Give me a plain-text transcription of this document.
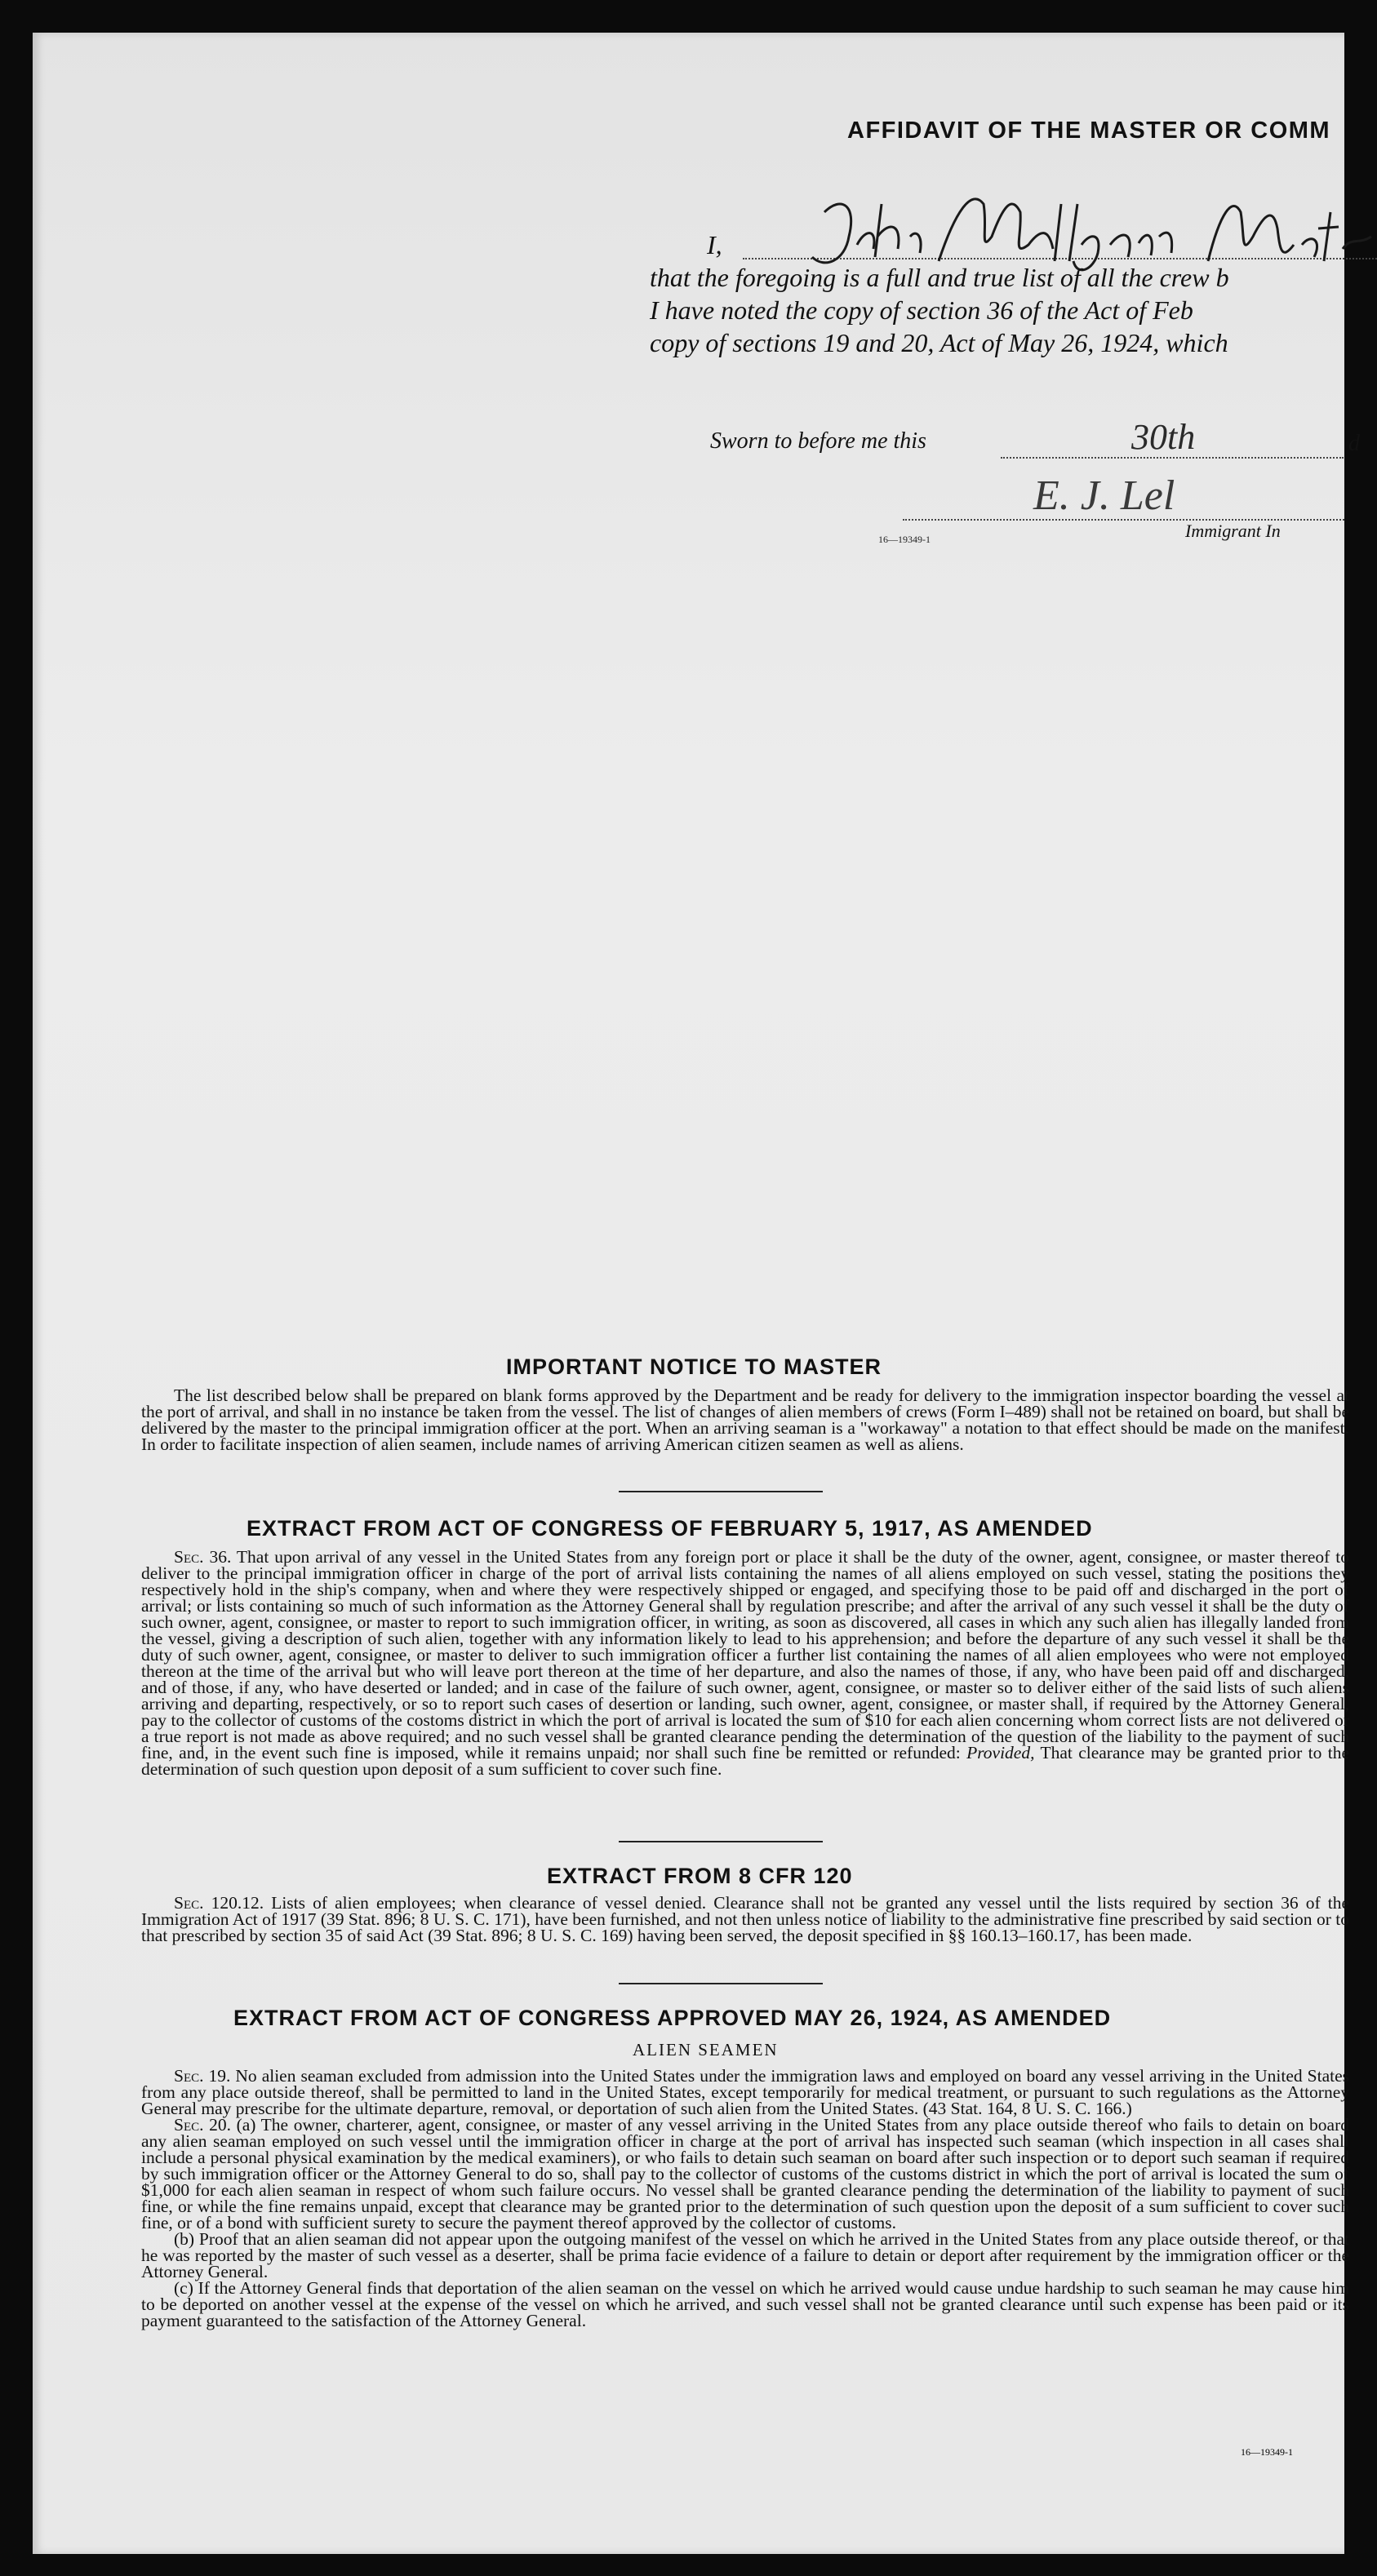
AFFIDAVIT OF THE MASTER OR COMM
I,
that the foregoing is a full and true list of all the crew b
I have noted the copy of section 36 of the Act of Feb
copy of sections 19 and 20, Act of May 26, 1924, which
Sworn to before me this	30th	d
E. J. Lel
16—19349-1	Immigrant In
IMPORTANT NOTICE TO MASTER

The list described below shall be prepared on blank forms approved by the Department and be ready for delivery to the immigration inspector boarding the vessel at the port of arrival, and shall in no instance be taken from the vessel. The list of changes of alien members of crews (Form I–489) shall not be retained on board, but shall be delivered by the master to the principal immigration officer at the port. When an arriving seaman is a "workaway" a notation to that effect should be made on the manifest. In order to facilitate inspection of alien seamen, include names of arriving American citizen seamen as well as aliens.

EXTRACT FROM ACT OF CONGRESS OF FEBRUARY 5, 1917, AS AMENDED

Sec. 36. That upon arrival of any vessel in the United States from any foreign port or place it shall be the duty of the owner, agent, consignee, or master thereof to deliver to the principal immigration officer in charge of the port of arrival lists containing the names of all aliens employed on such vessel, stating the positions they respectively hold in the ship's company, when and where they were respectively shipped or engaged, and specifying those to be paid off and discharged in the port of arrival; or lists containing so much of such information as the Attorney General shall by regulation prescribe; and after the arrival of any such vessel it shall be the duty of such owner, agent, consignee, or master to report to such immigration officer, in writing, as soon as discovered, all cases in which any such alien has illegally landed from the vessel, giving a description of such alien, together with any information likely to lead to his apprehension; and before the departure of any such vessel it shall be the duty of such owner, agent, consignee, or master to deliver to such immigration officer a further list containing the names of all alien employees who were not employed thereon at the time of the arrival but who will leave port thereon at the time of her departure, and also the names of those, if any, who have been paid off and discharged, and of those, if any, who have deserted or landed; and in case of the failure of such owner, agent, consignee, or master so to deliver either of the said lists of such aliens arriving and departing, respectively, or so to report such cases of desertion or landing, such owner, agent, consignee, or master shall, if required by the Attorney General, pay to the collector of customs of the costoms district in which the port of arrival is located the sum of $10 for each alien concerning whom correct lists are not delivered or a true report is not made as above required; and no such vessel shall be granted clearance pending the determination of the question of the liability to the payment of such fine, and, in the event such fine is imposed, while it remains unpaid; nor shall such fine be remitted or refunded: Provided, That clearance may be granted prior to the determination of such question upon deposit of a sum sufficient to cover such fine.

EXTRACT FROM 8 CFR 120

Sec. 120.12. Lists of alien employees; when clearance of vessel denied. Clearance shall not be granted any vessel until the lists required by section 36 of the Immigration Act of 1917 (39 Stat. 896; 8 U. S. C. 171), have been furnished, and not then unless notice of liability to the administrative fine prescribed by said section or to that prescribed by section 35 of said Act (39 Stat. 896; 8 U. S. C. 169) having been served, the deposit specified in §§ 160.13–160.17, has been made.

EXTRACT FROM ACT OF CONGRESS APPROVED MAY 26, 1924, AS AMENDED
ALIEN SEAMEN

Sec. 19. No alien seaman excluded from admission into the United States under the immigration laws and employed on board any vessel arriving in the United States from any place outside thereof, shall be permitted to land in the United States, except temporarily for medical treatment, or pursuant to such regulations as the Attorney General may prescribe for the ultimate departure, removal, or deportation of such alien from the United States. (43 Stat. 164, 8 U. S. C. 166.)

Sec. 20. (a) The owner, charterer, agent, consignee, or master of any vessel arriving in the United States from any place outside thereof who fails to detain on board any alien seaman employed on such vessel until the immigration officer in charge at the port of arrival has inspected such seaman (which inspection in all cases shall include a personal physical examination by the medical examiners), or who fails to detain such seaman on board after such inspection or to deport such seaman if required by such immigration officer or the Attorney General to do so, shall pay to the collector of customs of the customs district in which the port of arrival is located the sum of $1,000 for each alien seaman in respect of whom such failure occurs. No vessel shall be granted clearance pending the determination of the liability to payment of such fine, or while the fine remains unpaid, except that clearance may be granted prior to the determination of such question upon the deposit of a sum sufficient to cover such fine, or of a bond with sufficient surety to secure the payment thereof approved by the collector of customs.

(b) Proof that an alien seaman did not appear upon the outgoing manifest of the vessel on which he arrived in the United States from any place outside thereof, or that he was reported by the master of such vessel as a deserter, shall be prima facie evidence of a failure to detain or deport after requirement by the immigration officer or the Attorney General.

(c) If the Attorney General finds that deportation of the alien seaman on the vessel on which he arrived would cause undue hardship to such seaman he may cause him to be deported on another vessel at the expense of the vessel on which he arrived, and such vessel shall not be granted clearance until such expense has been paid or its payment guaranteed to the satisfaction of the Attorney General.

16—19349-1
